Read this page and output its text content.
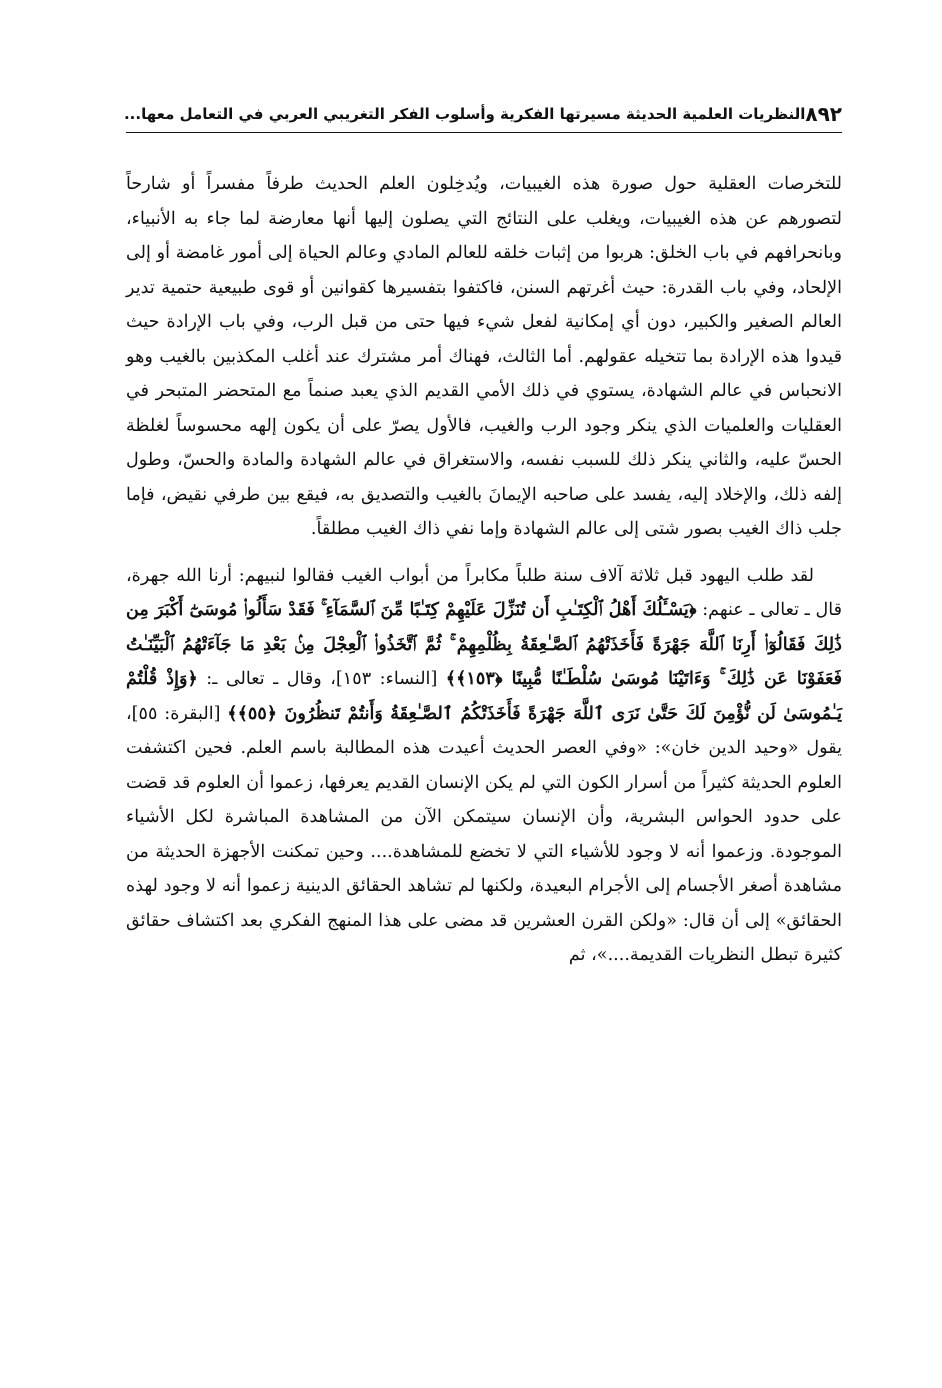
٨٩٢
النظريات العلمية الحديثة مسيرتها الفكرية وأسلوب الفكر التغريبي العربي في التعامل معها...

للتخرصات العقلية حول صورة هذه الغيبيات، ويُدخِلون العلم الحديث طرفاً مفسراً أو شارحاً لتصورهم عن هذه الغيبيات، ويغلب على النتائج التي يصلون إليها أنها معارضة لما جاء به الأنبياء، وبانحرافهم في باب الخلق: هربوا من إثبات خلقه للعالم المادي وعالم الحياة إلى أمور غامضة أو إلى الإلحاد، وفي باب القدرة: حيث أغرتهم السنن، فاكتفوا بتفسيرها كقوانين أو قوى طبيعية حتمية تدير العالم الصغير والكبير، دون أي إمكانية لفعل شيء فيها حتى من قبل الرب، وفي باب الإرادة حيث قيدوا هذه الإرادة بما تتخيله عقولهم. أما الثالث، فهناك أمر مشترك عند أغلب المكذبين بالغيب وهو الانحباس في عالم الشهادة، يستوي في ذلك الأمي القديم الذي يعبد صنماً مع المتحضر المتبحر في العقليات والعلميات الذي ينكر وجود الرب والغيب، فالأول يصرّ على أن يكون إلهه محسوساً لغلظة الحسّ عليه، والثاني ينكر ذلك للسبب نفسه، والاستغراق في عالم الشهادة والمادة والحسّ، وطول إلفه ذلك، والإخلاد إليه، يفسد على صاحبه الإيمانَ بالغيب والتصديق به، فيقع بين طرفي نقيض، فإما جلب ذاك الغيب بصور شتى إلى عالم الشهادة وإما نفي ذاك الغيب مطلقاً.

لقد طلب اليهود قبل ثلاثة آلاف سنة طلباً مكابراً من أبواب الغيب فقالوا لنبيهم: أرنا الله جهرة، قال ـ تعالى ـ عنهم: ﴿يَسْـَٔلُكَ أَهْلُ ٱلْكِتَـٰبِ أَن تُنَزِّلَ عَلَيْهِمْ كِتَـٰبًا مِّنَ ٱلسَّمَآءِ ۚ فَقَدْ سَأَلُوا۟ مُوسَىٰٓ أَكْبَرَ مِن ذَٰلِكَ فَقَالُوٓا۟ أَرِنَا ٱللَّهَ جَهْرَةً فَأَخَذَتْهُمُ ٱلصَّـٰعِقَةُ بِظُلْمِهِمْ ۚ ثُمَّ ٱتَّخَذُوا۟ ٱلْعِجْلَ مِنۢ بَعْدِ مَا جَآءَتْهُمُ ٱلْبَيِّنَـٰتُ فَعَفَوْنَا عَن ذَٰلِكَ ۚ وَءَاتَيْنَا مُوسَىٰ سُلْطَـٰنًا مُّبِينًا ﴿١٥٣﴾﴾ [النساء: ١٥٣]، وقال ـ تعالى ـ: ﴿وَإِذْ قُلْتُمْ يَـٰمُوسَىٰ لَن نُّؤْمِنَ لَكَ حَتَّىٰ نَرَى ٱللَّهَ جَهْرَةً فَأَخَذَتْكُمُ ٱلصَّـٰعِقَةُ وَأَنتُمْ تَنظُرُونَ ﴿٥٥﴾﴾ [البقرة: ٥٥]، يقول «وحيد الدين خان»: «وفي العصر الحديث أعيدت هذه المطالبة باسم العلم. فحين اكتشفت العلوم الحديثة كثيراً من أسرار الكون التي لم يكن الإنسان القديم يعرفها، زعموا أن العلوم قد قضت على حدود الحواس البشرية، وأن الإنسان سيتمكن الآن من المشاهدة المباشرة لكل الأشياء الموجودة. وزعموا أنه لا وجود للأشياء التي لا تخضع للمشاهدة.... وحين تمكنت الأجهزة الحديثة من مشاهدة أصغر الأجسام إلى الأجرام البعيدة، ولكنها لم تشاهد الحقائق الدينية زعموا أنه لا وجود لهذه الحقائق» إلى أن قال: «ولكن القرن العشرين قد مضى على هذا المنهج الفكري بعد اكتشاف حقائق كثيرة تبطل النظريات القديمة....»، ثم
